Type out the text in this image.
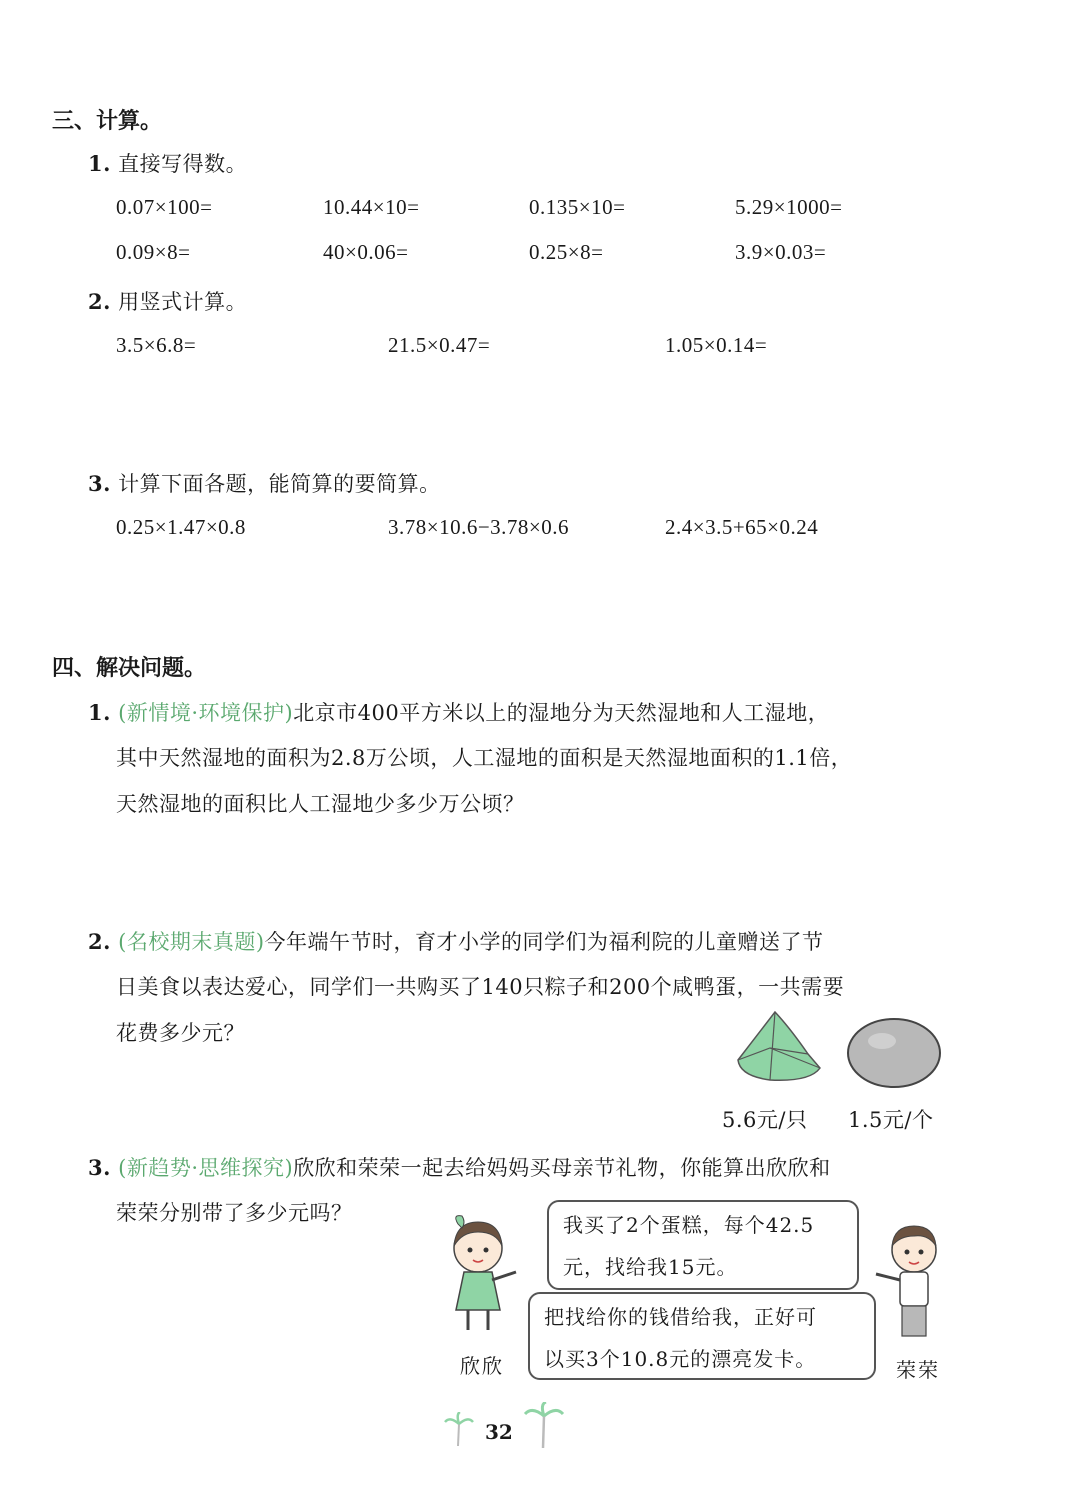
三、计算。
1. 直接写得数。
0.07×100=	10.44×10=	0.135×10=	5.29×1000=
0.09×8=	40×0.06=	0.25×8=	3.9×0.03=
2. 用竖式计算。
3.5×6.8=	21.5×0.47=	1.05×0.14=
3. 计算下面各题，能简算的要简算。
0.25×1.47×0.8	3.78×10.6−3.78×0.6	2.4×3.5+65×0.24
四、解决问题。
1. (新情境·环境保护)北京市400平方米以上的湿地分为天然湿地和人工湿地，
其中天然湿地的面积为2.8万公顷，人工湿地的面积是天然湿地面积的1.1倍，
天然湿地的面积比人工湿地少多少万公顷？
2. (名校期末真题)今年端午节时，育才小学的同学们为福利院的儿童赠送了节
日美食以表达爱心，同学们一共购买了140只粽子和200个咸鸭蛋，一共需要
花费多少元？
5.6元/只 1.5元/个
3. (新趋势·思维探究)欣欣和荣荣一起去给妈妈买母亲节礼物，你能算出欣欣和
荣荣分别带了多少元吗？
欣欣
我买了2个蛋糕，每个42.5
元，找给我15元。
把找给你的钱借给我，正好可
以买3个10.8元的漂亮发卡。	荣荣
32
